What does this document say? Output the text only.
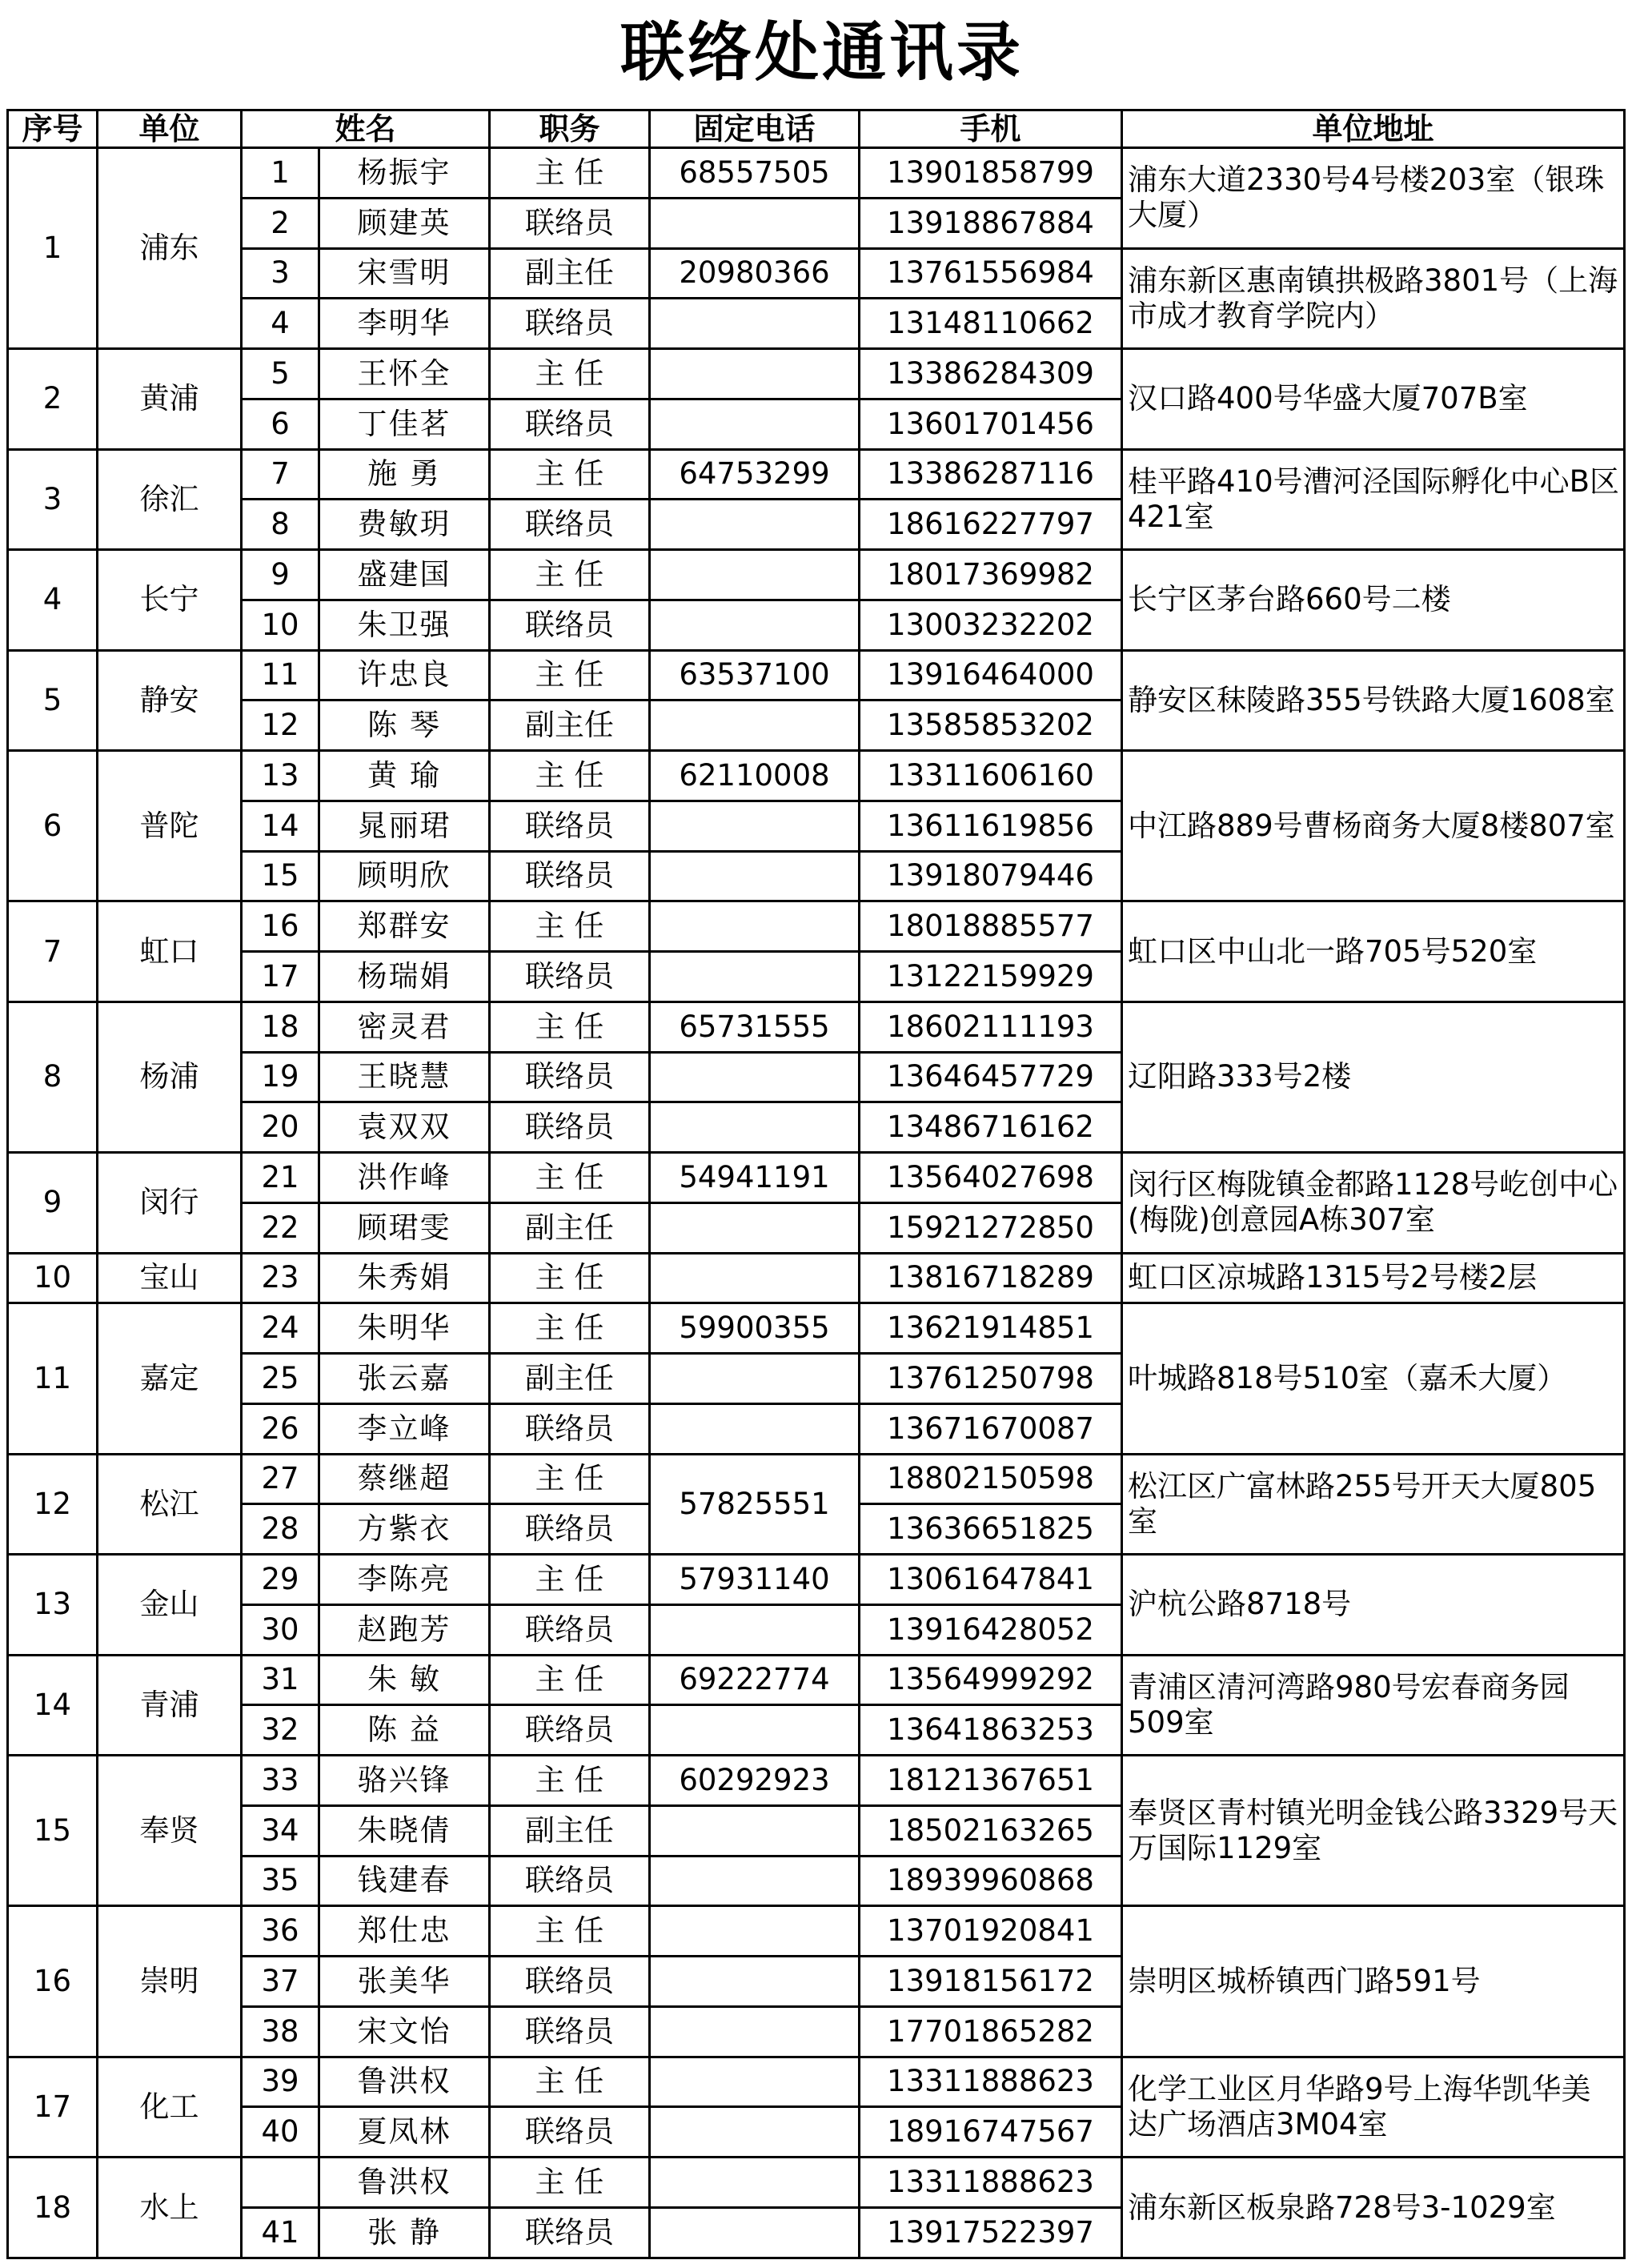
联络处通讯录
序号	单位	姓名		职务	固定电话	手机	单位地址
1	浦东	1	杨振宇	主 任	68557505	13901858799	浦东大道2330号4号楼203室（银珠大厦）
		2	顾建英	联络员		13918867884	
		3	宋雪明	副主任	20980366	13761556984	浦东新区惠南镇拱极路3801号（上海市成才教育学院内）
		4	李明华	联络员		13148110662	
2	黄浦	5	王怀全	主 任		13386284309	汉口路400号华盛大厦707B室
		6	丁佳茗	联络员		13601701456	
3	徐汇	7	施 勇	主 任	64753299	13386287116	桂平路410号漕河泾国际孵化中心B区421室
		8	费敏玥	联络员		18616227797	
4	长宁	9	盛建国	主 任		18017369982	长宁区茅台路660号二楼
		10	朱卫强	联络员		13003232202	
5	静安	11	许忠良	主 任	63537100	13916464000	静安区秣陵路355号铁路大厦1608室
		12	陈 琴	副主任		13585853202	
6	普陀	13	黄 瑜	主 任	62110008	13311606160	中江路889号曹杨商务大厦8楼807室
		14	晁丽珺	联络员		13611619856	
		15	顾明欣	联络员		13918079446	
7	虹口	16	郑群安	主 任		18018885577	虹口区中山北一路705号520室
		17	杨瑞娟	联络员		13122159929	
8	杨浦	18	密灵君	主 任	65731555	18602111193	辽阳路333号2楼
		19	王晓慧	联络员		13646457729	
		20	袁双双	联络员		13486716162	
9	闵行	21	洪作峰	主 任	54941191	13564027698	闵行区梅陇镇金都路1128号屹创中心(梅陇)创意园A栋307室
		22	顾珺雯	副主任		15921272850	
10	宝山	23	朱秀娟	主 任		13816718289	虹口区凉城路1315号2号楼2层
11	嘉定	24	朱明华	主 任	59900355	13621914851	叶城路818号510室（嘉禾大厦）
		25	张云嘉	副主任		13761250798	
		26	李立峰	联络员		13671670087	
12	松江	27	蔡继超	主 任	57825551	18802150598	松江区广富林路255号开天大厦805室
		28	方紫衣	联络员		13636651825	
13	金山	29	李陈亮	主 任	57931140	13061647841	沪杭公路8718号
		30	赵跑芳	联络员		13916428052	
14	青浦	31	朱 敏	主 任	69222774	13564999292	青浦区清河湾路980号宏春商务园509室
		32	陈 益	联络员		13641863253	
15	奉贤	33	骆兴锋	主 任	60292923	18121367651	奉贤区青村镇光明金钱公路3329号天万国际1129室
		34	朱晓倩	副主任		18502163265	
		35	钱建春	联络员		18939960868	
16	崇明	36	郑仕忠	主 任		13701920841	崇明区城桥镇西门路591号
		37	张美华	联络员		13918156172	
		38	宋文怡	联络员		17701865282	
17	化工	39	鲁洪权	主 任		13311888623	化学工业区月华路9号上海华凯华美达广场酒店3M04室
		40	夏凤林	联络员		18916747567	
18	水上		鲁洪权	主 任		13311888623	浦东新区板泉路728号3-1029室
		41	张 静	联络员		13917522397	
